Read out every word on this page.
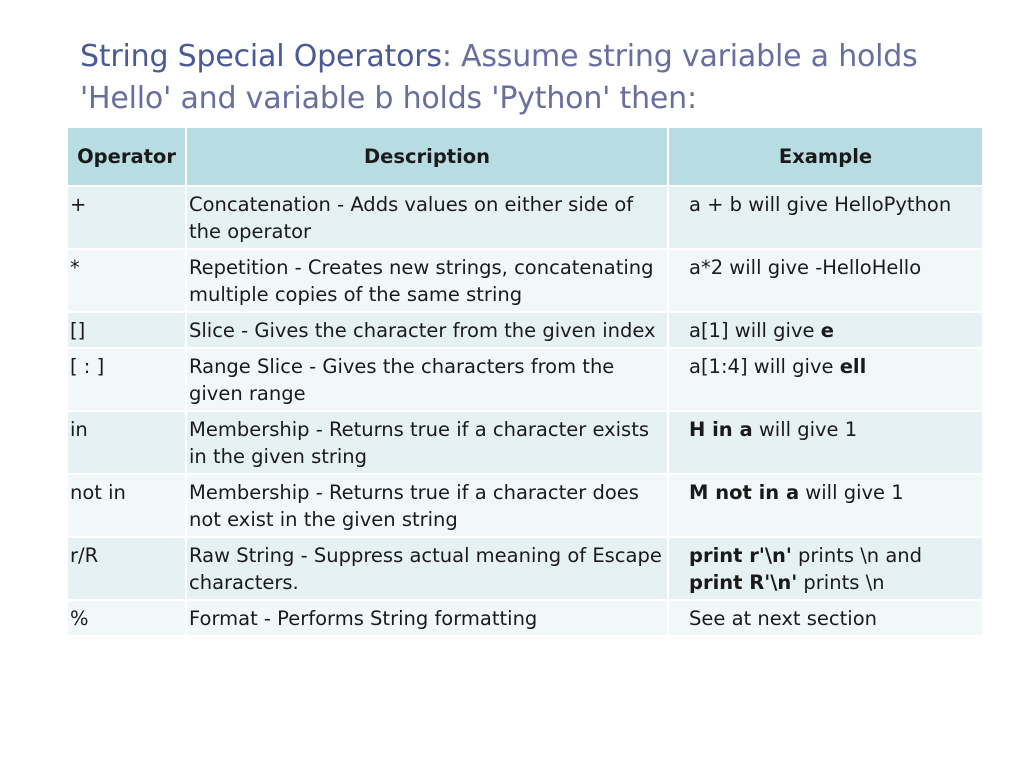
String Special Operators: Assume string variable a holds 'Hello' and variable b holds 'Python' then:
Operator	Description	Example
+	Concatenation - Adds values on either side of the operator	a + b will give HelloPython
*	Repetition - Creates new strings, concatenating multiple copies of the same string	a*2 will give -HelloHello
[]	Slice - Gives the character from the given index	a[1] will give e
[ : ]	Range Slice - Gives the characters from the given range	a[1:4] will give ell
in	Membership - Returns true if a character exists in the given string	H in a will give 1
not in	Membership - Returns true if a character does not exist in the given string	M not in a will give 1
r/R	Raw String - Suppress actual meaning of Escape characters.	print r'\n' prints \n and print R'\n' prints \n
%	Format - Performs String formatting	See at next section
